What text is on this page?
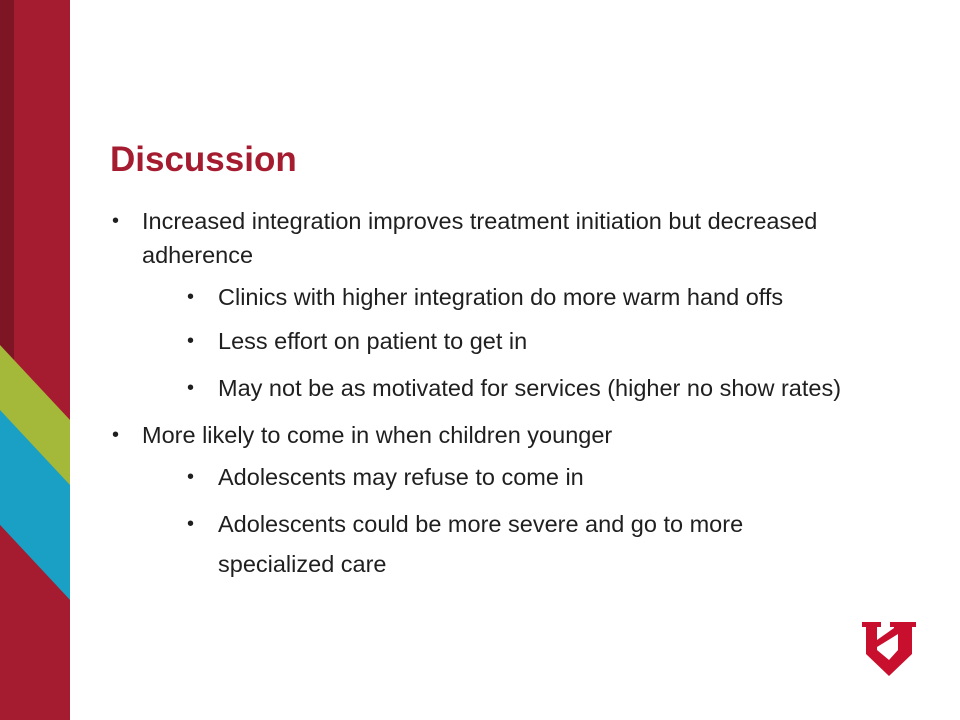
Discussion
• Increased integration improves treatment initiation but decreased adherence
• Clinics with higher integration do more warm hand offs
• Less effort on patient to get in
• May not be as motivated for services (higher no show rates)
• More likely to come in when children younger
• Adolescents may refuse to come in
• Adolescents could be more severe and go to more specialized care
